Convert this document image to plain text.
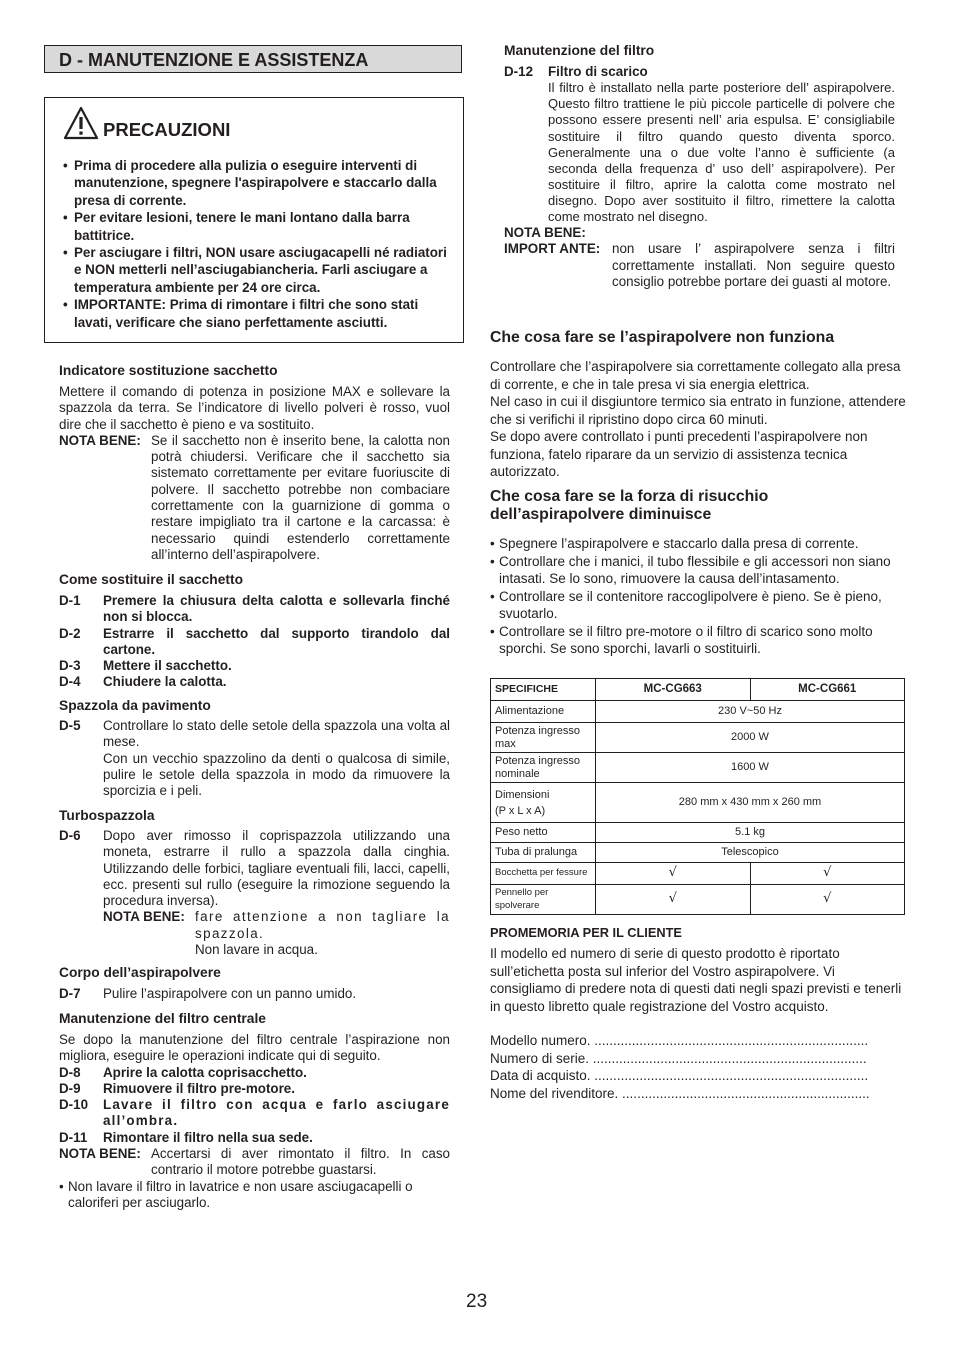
D - MANUTENZIONE E ASSISTENZA
PRECAUZIONI
• Prima di procedere alla pulizia o eseguire interventi di manutenzione, spegnere l'aspirapolvere e staccarlo dalla presa di corrente.
• Per evitare lesioni, tenere le mani lontano dalla barra battitrice.
• Per asciugare i filtri, NON usare asciugacapelli né radiatori e NON metterli nell’asciugabiancheria. Farli asciugare a temperatura ambiente per 24 ore circa.
• IMPORTANTE: Prima di rimontare i filtri che sono stati lavati, verificare che siano perfettamente asciutti.
Indicatore sostituzione sacchetto

Mettere il comando di potenza in posizione MAX e sollevare la spazzola da terra. Se l’indicatore di livello polveri è rosso, vuol dire che il sacchetto è pieno e va sostituito.

NOTA BENE: Se il sacchetto non è inserito bene, la calotta non potrà chiudersi. Verificare che il sacchetto sia sistemato correttamente per evitare fuoriuscite di polvere. Il sacchetto potrebbe non combaciare correttamente con la guarnizione di gomma o restare impigliato tra il cartone e la carcassa: è necessario quindi estenderlo correttamente all’interno dell’aspirapolvere.
Come sostituire il sacchetto
D-1 Premere la chiusura delta calotta e sollevarla finché non si blocca.
D-2 Estrarre il sacchetto dal supporto tirandolo dal cartone.
D-3 Mettere il sacchetto.
D-4 Chiudere la calotta.
Spazzola da pavimento
D-5 Controllare lo stato delle setole della spazzola una volta al mese.
Con un vecchio spazzolino da denti o qualcosa di simile, pulire le setole della spazzola in modo da rimuovere la sporcizia e i peli.
Turbospazzola
D-6 Dopo aver rimosso il coprispazzola utilizzando una moneta, estrarre il rullo a spazzola dalla cinghia. Utilizzando delle forbici, tagliare eventuali fili, lacci, capelli, ecc. presenti sul rullo (eseguire la rimozione seguendo la procedura inversa).
NOTA BENE: fare attenzione a non tagliare la spazzola.
Non lavare in acqua.
Corpo dell’aspirapolvere
D-7 Pulire l’aspirapolvere con un panno umido.
Manutenzione del filtro centrale

Se dopo la manutenzione del filtro centrale l’aspirazione non migliora, eseguire le operazioni indicate qui di seguito.

D-8 Aprire la calotta coprisacchetto.
D-9 Rimuovere il filtro pre-motore.
D-10 Lavare il filtro con acqua e farlo asciugare all’ombra.
D-11 Rimontare il filtro nella sua sede.
NOTA BENE: Accertarsi di aver rimontato il filtro. In caso contrario il motore potrebbe guastarsi.
• Non lavare il filtro in lavatrice e non usare asciugacapelli o caloriferi per asciugarlo.
Manutenzione del filtro
D-12 Filtro di scarico

Il filtro è installato nella parte posteriore dell’ aspirapolvere. Questo filtro trattiene le più piccole particelle di polvere che possono essere presenti nell’ aria espulsa. E’ consigliabile sostituire il filtro quando questo diventa sporco. Generalmente una o due volte l’anno è sufficiente (a seconda della frequenza d’ uso dell’ aspirapolvere). Per sostituire il filtro, aprire la calotta come mostrato nel disegno. Dopo aver sostituito il filtro, rimettere la calotta come mostrato nel disegno.

NOTA BENE:
IMPORT ANTE: non usare l’ aspirapolvere senza i filtri correttamente installati. Non seguire questo consiglio potrebbe portare dei guasti al motore.
Che cosa fare se l’aspirapolvere non funziona
Controllare che l’aspirapolvere sia correttamente collegato alla presa di corrente, e che in tale presa vi sia energia elettrica.
Nel caso in cui il disgiuntore termico sia entrato in funzione, attendere che si verifichi il ripristino dopo circa 60 minuti.
Se dopo avere controllato i punti precedenti l’aspirapolvere non funziona, fatelo riparare da un servizio di assistenza tecnica autorizzato.
Che cosa fare se la forza di risucchio dell’aspirapolvere diminuisce
• Spegnere l’aspirapolvere e staccarlo dalla presa di corrente.
• Controllare che i manici, il tubo flessibile e gli accessori non siano intasati. Se lo sono, rimuovere la causa dell’intasamento.
• Controllare se il contenitore raccoglipolvere è pieno. Se è pieno, svuotarlo.
• Controllare se il filtro pre-motore o il filtro di scarico sono molto sporchi. Se sono sporchi, lavarli o sostituirli.
SPECIFICHE	MC-CG663	MC-CG661
Alimentazione	230 V~50 Hz	
Potenza ingresso max	2000 W	
Potenza ingresso nominale	1600 W	

Dimensioni
(P x L x A)	280 mm x 430 mm x 260 mm	
Peso netto	5.1 kg	
Tuba di pralunga	Telescopico	
Bocchetta per fessure	√	√
Pennello per spolverare	√	√
PROMEMORIA PER IL CLIENTE

Il modello ed numero di serie di questo prodotto è riportato sull’etichetta posta sul inferior del Vostro aspirapolvere. Vi consigliamo di predere nota di questi dati negli spazi previsti e tenerli in questo libretto quale registrazione del Vostro acquisto.

Modello numero. .........................................................................
Numero di serie. .........................................................................
Data di acquisto. .........................................................................
Nome del rivenditore. ..................................................................
23
